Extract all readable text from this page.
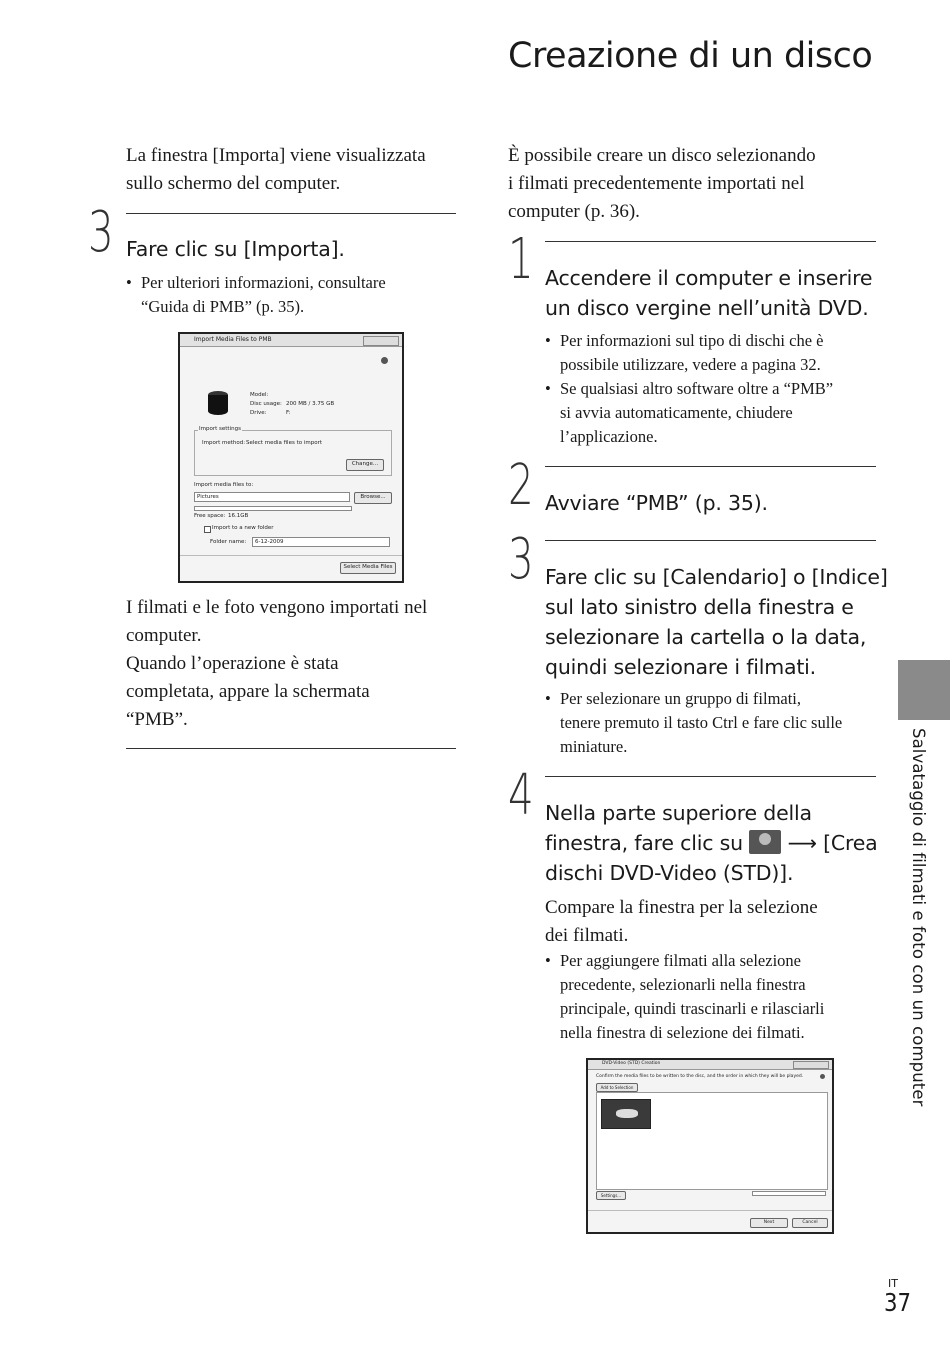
Creazione di un disco
La finestra [Importa] viene visualizzata
sullo schermo del computer.
3 Fare clic su [Importa].
• Per ulteriori informazioni, consultare
“Guida di PMB” (p. 35).
Import Media Files to PMB
Model:
Disc usage: 200 MB / 3.75 GB
Drive:	F:
Import settings
Import method: Select media files to import
Change...
Import media files to:
Pictures	Browse...
Free space: 16.1GB
Import to a new folder
Folder name:	6-12-2009
Select Media Files
I filmati e le foto vengono importati nel
computer.
Quando l’operazione è stata
completata, appare la schermata
“PMB”.
È possibile creare un disco selezionando
i filmati precedentemente importati nel
computer (p. 36).
1 Accendere il computer e inserire
un disco vergine nell’unità DVD.
• Per informazioni sul tipo di dischi che è
possibile utilizzare, vedere a pagina 32.
• Se qualsiasi altro software oltre a “PMB”
si avvia automaticamente, chiudere
l’applicazione.
2 Avviare “PMB” (p. 35).
3 Fare clic su [Calendario] o [Indice]
sul lato sinistro della finestra e
selezionare la cartella o la data,
quindi selezionare i filmati.
• Per selezionare un gruppo di filmati,
tenere premuto il tasto Ctrl e fare clic sulle
miniature.
4 Nella parte superiore della
finestra, fare clic su ⟶ [Crea
dischi DVD-Video (STD)].
Compare la finestra per la selezione
dei filmati.
• Per aggiungere filmati alla selezione
precedente, selezionarli nella finestra
principale, quindi trascinarli e rilasciarli
nella finestra di selezione dei filmati.
DVD-Video (STD) Creation
Confirm the media files to be written to the disc, and the order in which they will be played.
Add to Selection
Settings...
Next	Cancel
Salvataggio di filmati e foto con un computer
IT
37
